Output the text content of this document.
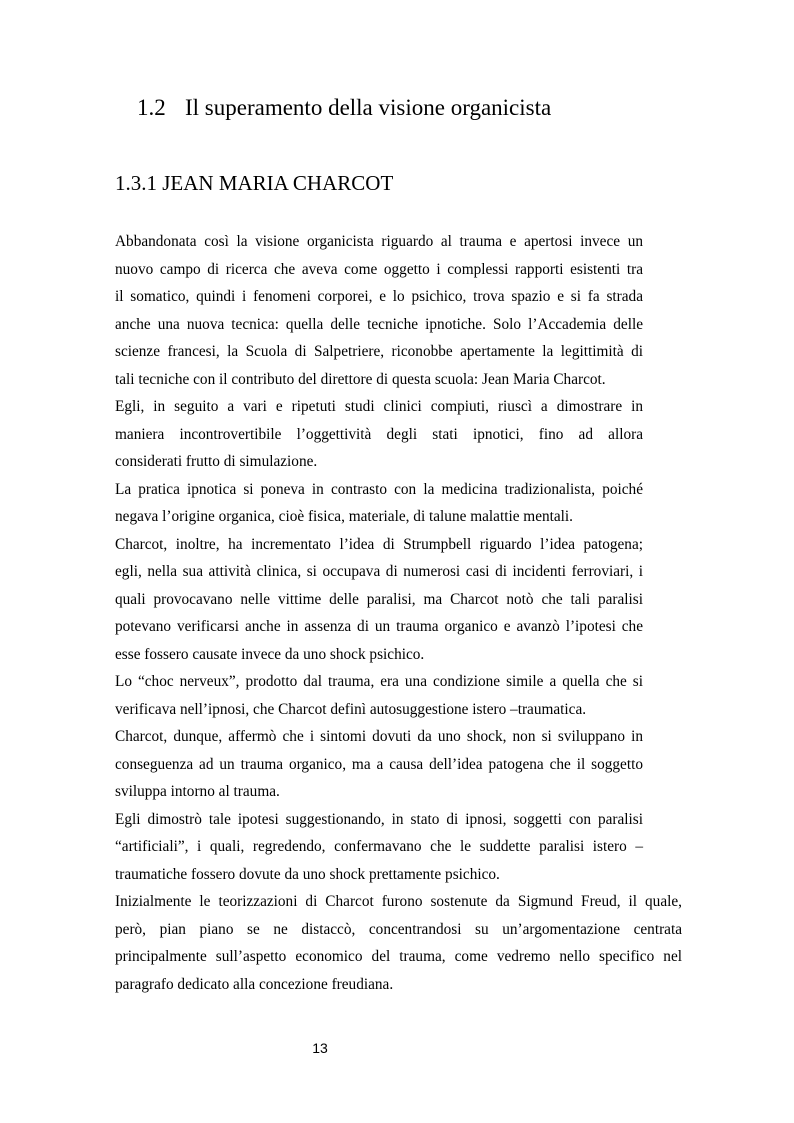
1.2 Il superamento della visione organicista
1.3.1 JEAN MARIA CHARCOT
Abbandonata così la visione organicista riguardo al trauma e apertosi invece un
nuovo campo di ricerca che aveva come oggetto i complessi rapporti esistenti tra
il somatico, quindi i fenomeni corporei, e lo psichico, trova spazio e si fa strada
anche una nuova tecnica: quella delle tecniche ipnotiche. Solo l’Accademia delle
scienze francesi, la Scuola di Salpetriere, riconobbe apertamente la legittimità di
tali tecniche con il contributo del direttore di questa scuola: Jean Maria Charcot.
Egli, in seguito a vari e ripetuti studi clinici compiuti, riuscì a dimostrare in
maniera incontrovertibile l’oggettività degli stati ipnotici, fino ad allora
considerati frutto di simulazione.
La pratica ipnotica si poneva in contrasto con la medicina tradizionalista, poiché
negava l’origine organica, cioè fisica, materiale, di talune malattie mentali.
Charcot, inoltre, ha incrementato l’idea di Strumpbell riguardo l’idea patogena;
egli, nella sua attività clinica, si occupava di numerosi casi di incidenti ferroviari, i
quali provocavano nelle vittime delle paralisi, ma Charcot notò che tali paralisi
potevano verificarsi anche in assenza di un trauma organico e avanzò l’ipotesi che
esse fossero causate invece da uno shock psichico.
Lo “choc nerveux”, prodotto dal trauma, era una condizione simile a quella che si
verificava nell’ipnosi, che Charcot definì autosuggestione istero –traumatica.
Charcot, dunque, affermò che i sintomi dovuti da uno shock, non si sviluppano in
conseguenza ad un trauma organico, ma a causa dell’idea patogena che il soggetto
sviluppa intorno al trauma.
Egli dimostrò tale ipotesi suggestionando, in stato di ipnosi, soggetti con paralisi
“artificiali”, i quali, regredendo, confermavano che le suddette paralisi istero –
traumatiche fossero dovute da uno shock prettamente psichico.
Inizialmente le teorizzazioni di Charcot furono sostenute da Sigmund Freud, il quale,
però, pian piano se ne distaccò, concentrandosi su un’argomentazione centrata
principalmente sull’aspetto economico del trauma, come vedremo nello specifico nel
paragrafo dedicato alla concezione freudiana.
13
